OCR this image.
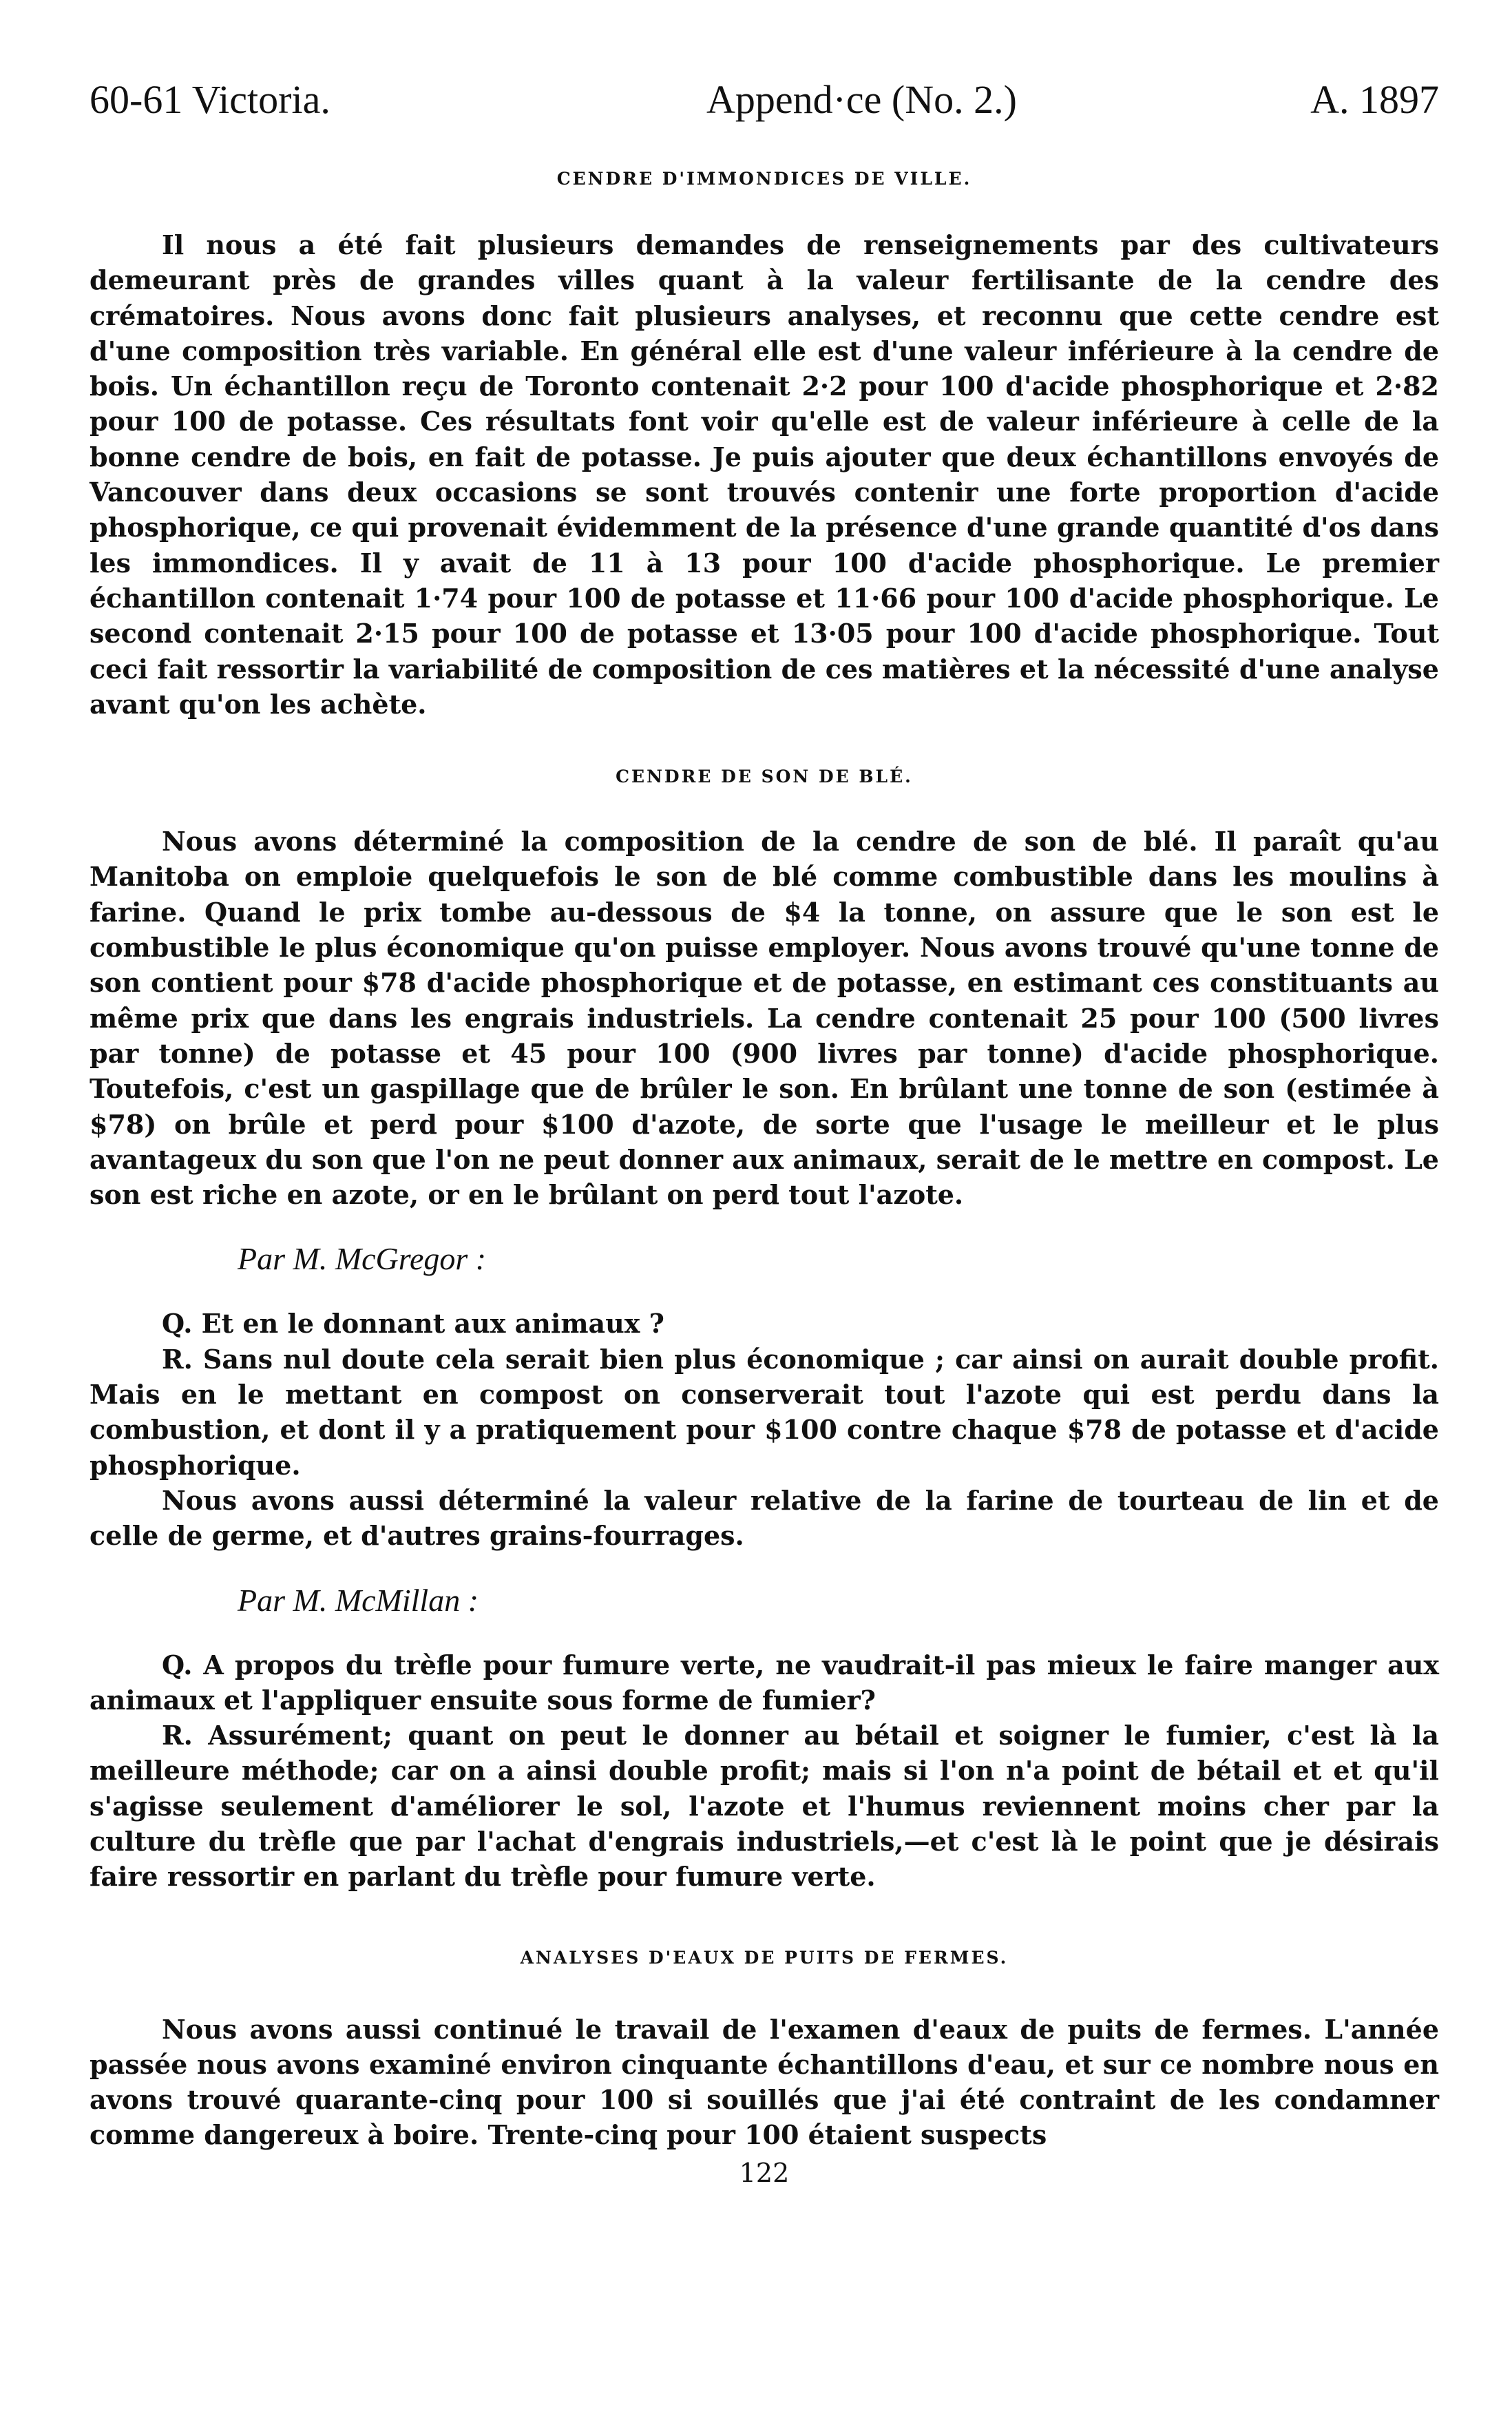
60-61 Victoria.	Append·ce (No. 2.)	A. 1897
CENDRE D'IMMONDICES DE VILLE.

Il nous a été fait plusieurs demandes de renseignements par des cultivateurs demeurant près de grandes villes quant à la valeur fertilisante de la cendre des crématoires. Nous avons donc fait plusieurs analyses, et reconnu que cette cendre est d'une composition très variable. En général elle est d'une valeur inférieure à la cendre de bois. Un échantillon reçu de Toronto contenait 2·2 pour 100 d'acide phosphorique et 2·82 pour 100 de potasse. Ces résultats font voir qu'elle est de valeur inférieure à celle de la bonne cendre de bois, en fait de potasse. Je puis ajouter que deux échantillons envoyés de Vancouver dans deux occasions se sont trouvés contenir une forte proportion d'acide phosphorique, ce qui provenait évidemment de la présence d'une grande quantité d'os dans les immondices. Il y avait de 11 à 13 pour 100 d'acide phosphorique. Le premier échantillon contenait 1·74 pour 100 de potasse et 11·66 pour 100 d'acide phosphorique. Le second contenait 2·15 pour 100 de potasse et 13·05 pour 100 d'acide phosphorique. Tout ceci fait ressortir la variabilité de composition de ces matières et la nécessité d'une analyse avant qu'on les achète.

CENDRE DE SON DE BLÉ.

Nous avons déterminé la composition de la cendre de son de blé. Il paraît qu'au Manitoba on emploie quelquefois le son de blé comme combustible dans les moulins à farine. Quand le prix tombe au-dessous de $4 la tonne, on assure que le son est le combustible le plus économique qu'on puisse employer. Nous avons trouvé qu'une tonne de son contient pour $78 d'acide phosphorique et de potasse, en estimant ces constituants au même prix que dans les engrais industriels. La cendre contenait 25 pour 100 (500 livres par tonne) de potasse et 45 pour 100 (900 livres par tonne) d'acide phosphorique. Toutefois, c'est un gaspillage que de brûler le son. En brûlant une tonne de son (estimée à $78) on brûle et perd pour $100 d'azote, de sorte que l'usage le meilleur et le plus avantageux du son que l'on ne peut donner aux animaux, serait de le mettre en compost. Le son est riche en azote, or en le brûlant on perd tout l'azote.

Par M. McGregor :

Q. Et en le donnant aux animaux ?

R. Sans nul doute cela serait bien plus économique ; car ainsi on aurait double profit. Mais en le mettant en compost on conserverait tout l'azote qui est perdu dans la combustion, et dont il y a pratiquement pour $100 contre chaque $78 de potasse et d'acide phosphorique.

Nous avons aussi déterminé la valeur relative de la farine de tourteau de lin et de celle de germe, et d'autres grains-fourrages.

Par M. McMillan :

Q. A propos du trèfle pour fumure verte, ne vaudrait-il pas mieux le faire manger aux animaux et l'appliquer ensuite sous forme de fumier?

R. Assurément; quant on peut le donner au bétail et soigner le fumier, c'est là la meilleure méthode; car on a ainsi double profit; mais si l'on n'a point de bétail et et qu'il s'agisse seulement d'améliorer le sol, l'azote et l'humus reviennent moins cher par la culture du trèfle que par l'achat d'engrais industriels,—et c'est là le point que je désirais faire ressortir en parlant du trèfle pour fumure verte.

ANALYSES D'EAUX DE PUITS DE FERMES.

Nous avons aussi continué le travail de l'examen d'eaux de puits de fermes. L'année passée nous avons examiné environ cinquante échantillons d'eau, et sur ce nombre nous en avons trouvé quarante-cinq pour 100 si souillés que j'ai été contraint de les condamner comme dangereux à boire. Trente-cinq pour 100 étaient suspects

122
